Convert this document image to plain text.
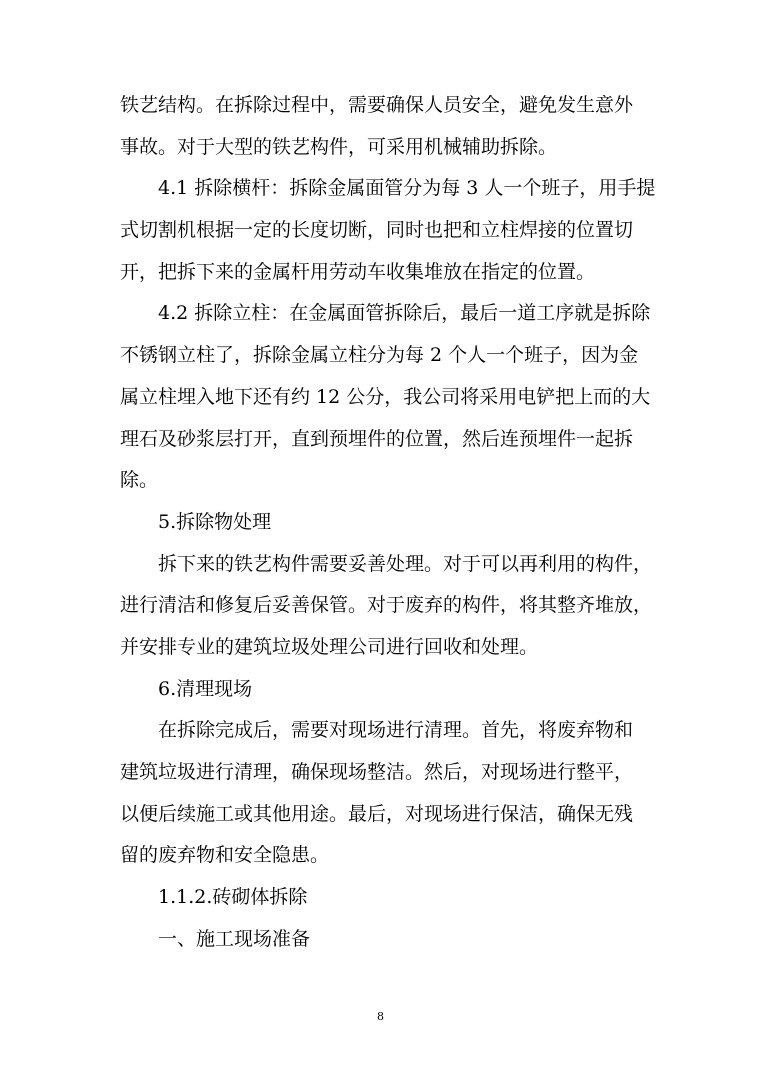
铁艺结构。在拆除过程中，需要确保人员安全，避免发生意外
事故。对于大型的铁艺构件，可采用机械辅助拆除。
4.1 拆除横杆：拆除金属面管分为每 3 人一个班子，用手提
式切割机根据一定的长度切断，同时也把和立柱焊接的位置切
开，把拆下来的金属杆用劳动车收集堆放在指定的位置。
4.2 拆除立柱：在金属面管拆除后，最后一道工序就是拆除
不锈钢立柱了，拆除金属立柱分为每 2 个人一个班子，因为金
属立柱埋入地下还有约 12 公分，我公司将采用电铲把上而的大
理石及砂浆层打开，直到预埋件的位置，然后连预埋件一起拆
除。
5.拆除物处理
拆下来的铁艺构件需要妥善处理。对于可以再利用的构件，
进行清洁和修复后妥善保管。对于废弃的构件，将其整齐堆放，
并安排专业的建筑垃圾处理公司进行回收和处理。
6.清理现场
在拆除完成后，需要对现场进行清理。首先，将废弃物和
建筑垃圾进行清理，确保现场整洁。然后，对现场进行整平，
以便后续施工或其他用途。最后，对现场进行保洁，确保无残
留的废弃物和安全隐患。
1.1.2.砖砌体拆除
一、施工现场准备
8
